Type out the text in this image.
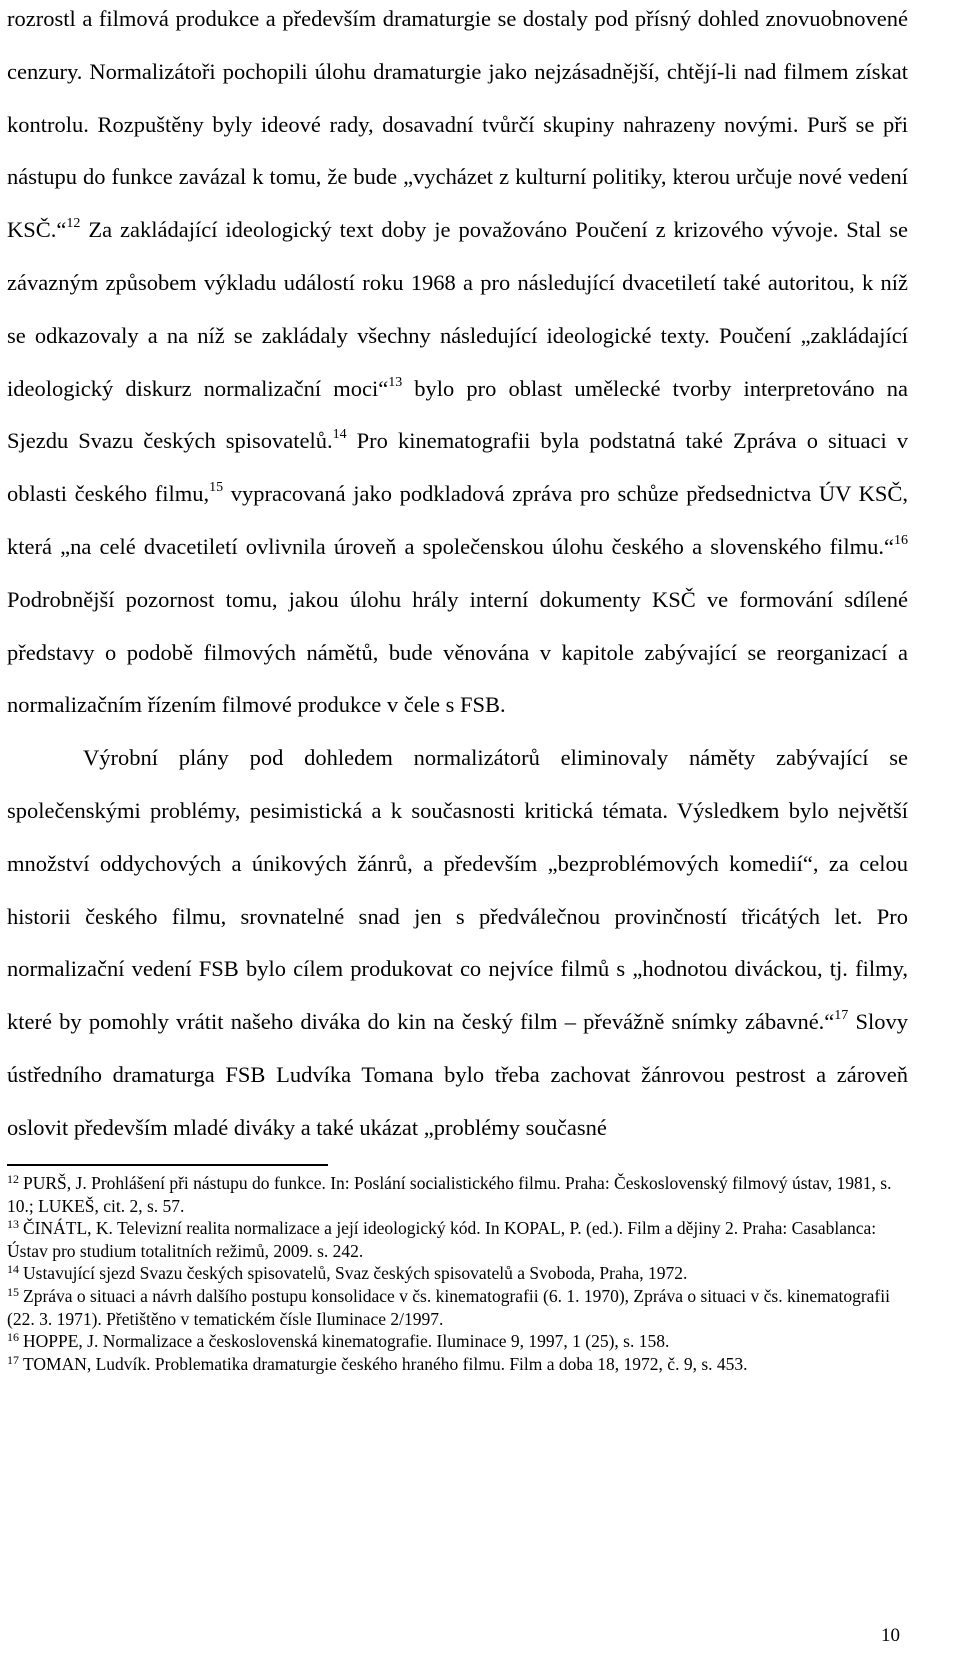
rozrostl a filmová produkce a především dramaturgie se dostaly pod přísný dohled znovuobnovené cenzury. Normalizátoři pochopili úlohu dramaturgie jako nejzásadnější, chtějí-li nad filmem získat kontrolu. Rozpuštěny byly ideové rady, dosavadní tvůrčí skupiny nahrazeny novými. Purš se při nástupu do funkce zavázal k tomu, že bude „vycházet z kulturní politiky, kterou určuje nové vedení KSČ.“$^{12}$ Za zakládající ideologický text doby je považováno Poučení z krizového vývoje. Stal se závazným způsobem výkladu událostí roku 1968 a pro následující dvacetiletí také autoritou, k níž se odkazovaly a na níž se zakládaly všechny následující ideologické texty. Poučení „zakládající ideologický diskurz normalizační moci“$^{13}$ bylo pro oblast umělecké tvorby interpretováno na Sjezdu Svazu českých spisovatelů.$^{14}$ Pro kinematografii byla podstatná také Zpráva o situaci v oblasti českého filmu,$^{15}$ vypracovaná jako podkladová zpráva pro schůze předsednictva ÚV KSČ, která „na celé dvacetiletí ovlivnila úroveň a společenskou úlohu českého a slovenského filmu.“$^{16}$ Podrobnější pozornost tomu, jakou úlohu hrály interní dokumenty KSČ ve formování sdílené představy o podobě filmových námětů, bude věnována v kapitole zabývající se reorganizací a normalizačním řízením filmové produkce v čele s FSB.

Výrobní plány pod dohledem normalizátorů eliminovaly náměty zabývající se společenskými problémy, pesimistická a k současnosti kritická témata. Výsledkem bylo největší množství oddychových a únikových žánrů, a především „bezproblémových komedií“, za celou historii českého filmu, srovnatelné snad jen s předválečnou provinčností třicátých let. Pro normalizační vedení FSB bylo cílem produkovat co nejvíce filmů s „hodnotou diváckou, tj. filmy, které by pomohly vrátit našeho diváka do kin na český film – převážně snímky zábavné.“$^{17}$ Slovy ústředního dramaturga FSB Ludvíka Tomana bylo třeba zachovat žánrovou pestrost a zároveň oslovit především mladé diváky a také ukázat „problémy současné

$^{12}$ PURŠ, J. Prohlášení při nástupu do funkce. In: Poslání socialistického filmu. Praha: Československý filmový ústav, 1981, s. 10.; LUKEŠ, cit. 2, s. 57.

$^{13}$ ČINÁTL, K. Televizní realita normalizace a její ideologický kód. In KOPAL, P. (ed.). Film a dějiny 2. Praha: Casablanca: Ústav pro studium totalitních režimů, 2009. s. 242.

$^{14}$ Ustavující sjezd Svazu českých spisovatelů, Svaz českých spisovatelů a Svoboda, Praha, 1972.

$^{15}$ Zpráva o situaci a návrh dalšího postupu konsolidace v čs. kinematografii (6. 1. 1970), Zpráva o situaci v čs. kinematografii (22. 3. 1971). Přetištěno v tematickém čísle Iluminace 2/1997.

$^{16}$ HOPPE, J. Normalizace a československá kinematografie. Iluminace 9, 1997, 1 (25), s. 158.

$^{17}$ TOMAN, Ludvík. Problematika dramaturgie českého hraného filmu. Film a doba 18, 1972, č. 9, s. 453.

10
